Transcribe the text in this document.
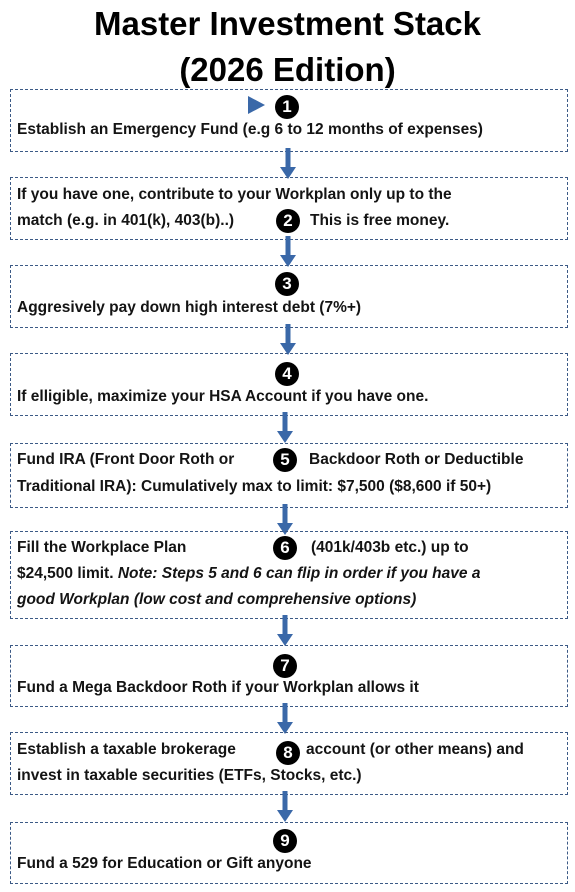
Master Investment Stack
(2026 Edition)
1
Establish an Emergency Fund (e.g 6 to 12 months of expenses)
If you have one, contribute to your Workplan only up to the
match (e.g. in 401(k), 403(b)..)	2	This is free money.
3
Aggresively pay down high interest debt (7%+)
4
If elligible, maximize your HSA Account if you have one.
Fund IRA (Front Door Roth or	5	Backdoor Roth or Deductible
Traditional IRA): Cumulatively max to limit: $7,500 ($8,600 if 50+)
Fill the Workplace Plan	6	(401k/403b etc.) up to
$24,500 limit. Note: Steps 5 and 6 can flip in order if you have a
good Workplan (low cost and comprehensive options)
7
Fund a Mega Backdoor Roth if your Workplan allows it
Establish a taxable brokerage	8 account (or other means) and
invest in taxable securities (ETFs, Stocks, etc.)
9
Fund a 529 for Education or Gift anyone
